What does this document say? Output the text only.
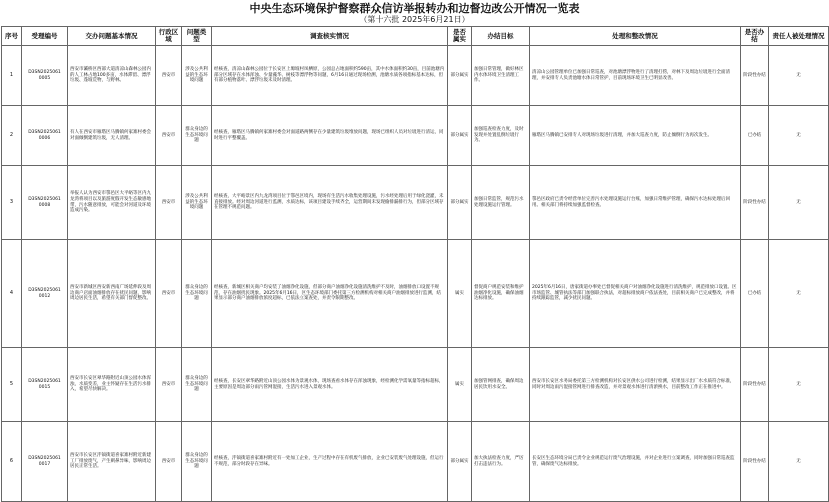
中央生态环境保护督察群众信访举报转办和边督边改公开情况一览表
（第十六批 2025年6月21日）
序号	受理编号	交办问题基本情况	行政区域	问题类型	调查核实情况	是否属实	办结目标	处理和整改情况	是否办结	责任人被处理情况
1	D3SN2025061
0005	西安市灞桥区西部大道清凉山森林公园内的人工林占地100多亩，水体滞留、漂浮垃圾、蓬坡荒物，与野林。	西安市	涉及公共利益的生态环境问题	经核查，清凉山森林公园位于长安区上塬坡村凤栖原，公园总占地面积约590亩，其中水体面积约30亩，目前池塘内部分区域存在水体浑浊、少量藻华、树枝等漂浮物等问题，6月16日通过现场检测，池塘水质各项指标基本达标，但有部分植物落叶、漂浮垃圾未及时清理。	部分属实	加强日常管理，做好林区内水体环境卫生清理工作。	清凉山公园管理单位已加强日常巡查，对池塘漂浮物进行了清理打捞，对林下及周边垃圾进行全面清理，并安排专人负责池塘水体日常管护，目前现场环境卫生已明显改善。	阶段性办结	无
2	D3SN2025061
0006	有人在西安市雁塔区马腾镇何家寨村委会对面倾倒建筑垃圾，无人清理。	西安市	群众身边的生态环境问题	经核查，雁塔区马腾镇何家寨村委会对面道路两侧存在少量建筑垃圾堆放问题，现场已组织人员对垃圾进行清运，同时进行平整覆盖。	部分属实	加强巡查检查力度，及时发现并处置乱倒垃圾行为。	雁塔区马腾镇已安排专人对现场垃圾进行清理，并加大巡查力度，防止倾倒行为再次发生。	已办结	无
3	D3SN2025061
0008	举报人认为西安市鄠邑区大平峪等区内九龙湾将项目以及旅游度假开发生态敏感地带，污水随意排放，可能会对河道及环境造成污染。	西安市	涉及公共利益的生态环境问题	经核查，大平峪景区内九龙湾项目位于鄠邑区境内，现场有生活污水收集处理设施，污水经处理后用于绿化浇灌，未直接排放。经对周边河道进行监测，水质达标，该项目建设手续齐全，运营期间未发现偷排漏排行为，但部分区域存在管理不规范问题。	部分属实	加强日常监管，规范污水处理设施运行管理。	鄠邑区政府已责令经营单位完善污水处理设施运行台账，加强日常维护管理，确保污水达标处理后回用。相关部门将持续加强监督检查。	阶段性办结	无
4	D3SN2025061
0012	西安市新城区西安新西南广场延伸段及周边商户店面油烟排放存在扰民问题，影响周边居民生活，希望有关部门督促整改。	西安市	群众身边的生态环境问题	经核查，新城区相关商户均安装了油烟净化设施，但部分商户油烟净化设施清洗维护不及时，油烟排放口设置不规范，存在油烟扰民现象。2025年6月16日，区生态环境部门委托第三方检测机构对相关商户油烟排放进行监测，结果显示部分商户油烟排放浓度超标，已依法立案查处，并责令限期整改。	属实	督促商户规范安装和维护油烟净化设施，确保油烟达标排放。	2025年6月16日，唐家街道办事处已督促相关商户对油烟净化设施进行清洗维护，规范排放口设置。区市场监管、城管执法等部门加强联合执法，对超标排放商户依法查处，目前相关商户已完成整改，并将持续跟踪监管，减少扰民问题。	已办结	无
5	D3SN2025061
0015	西安市长安区翠华路附近山顶公园水体浑浊，水质变差，业主怀疑存在生活污水排入，希望尽快解决。	西安市	群众身边的生态环境问题	经核查，长安区翠华路附近山顶公园水体为景观水体，现场查看水体存在浑浊现象，经检测化学需氧量等指标超标，主要原因是周边部分雨污管网混接，生活污水进入景观水体。	属实	加强管网排查，确保周边居民饮用水安全。	西安市长安区水务局委托第三方检测机构对长安区供水公司进行检测，结果显示出厂水水质符合标准，同时对周边雨污混接管网进行排查改造，并对景观水体进行清淤换水，目前整改工作正在推进中。	阶段性办结	无
6	D3SN2025061
0017	西安市长安区沣镐街道喜家寨村附近新建工厂排放废气，产生刺鼻异味，影响周边居民正常生活。	西安市	群众身边的生态环境问题	经核查，沣镐街道喜家寨村附近有一处加工企业，生产过程中存在有机废气排放，企业已安装废气处理设施，但运行不规范，部分时段存在异味。	部分属实	加大执法检查力度，严厉打击违法行为。	长安区生态环境分局已责令企业规范运行废气治理设施，并对企业进行立案调查，同时加强日常巡查监管，确保废气达标排放。	阶段性办结	无
